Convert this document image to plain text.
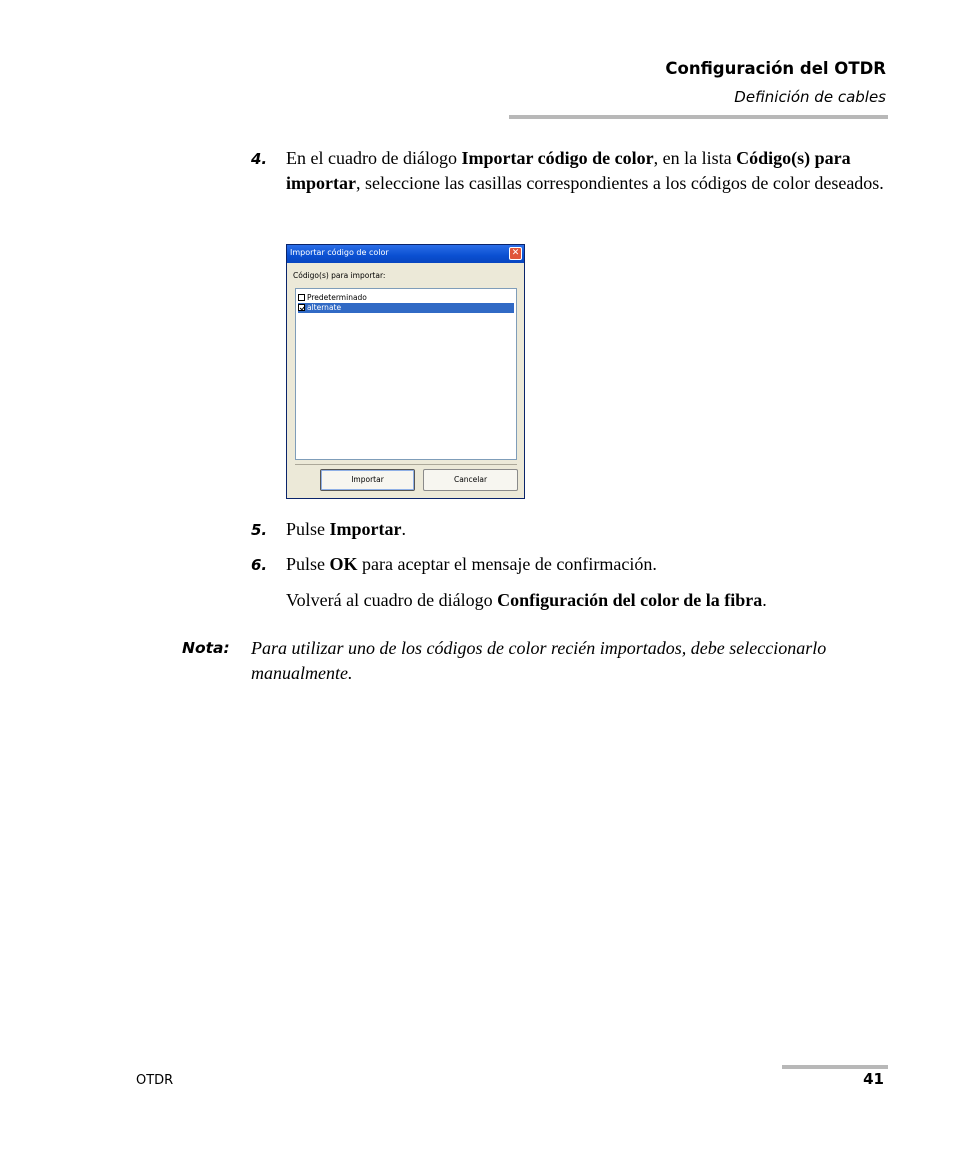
Configuración del OTDR
Definición de cables
4. En el cuadro de diálogo Importar código de color, en la lista Código(s) para importar, seleccione las casillas correspondientes a los códigos de color deseados.
Importar código de color	✕
Código(s) para importar:
Predeterminado
alternate
Importar	Cancelar
5. Pulse Importar.
6. Pulse OK para aceptar el mensaje de confirmación.
Volverá al cuadro de diálogo Configuración del color de la fibra.
Nota: Para utilizar uno de los códigos de color recién importados, debe seleccionarlo manualmente.
OTDR	41
